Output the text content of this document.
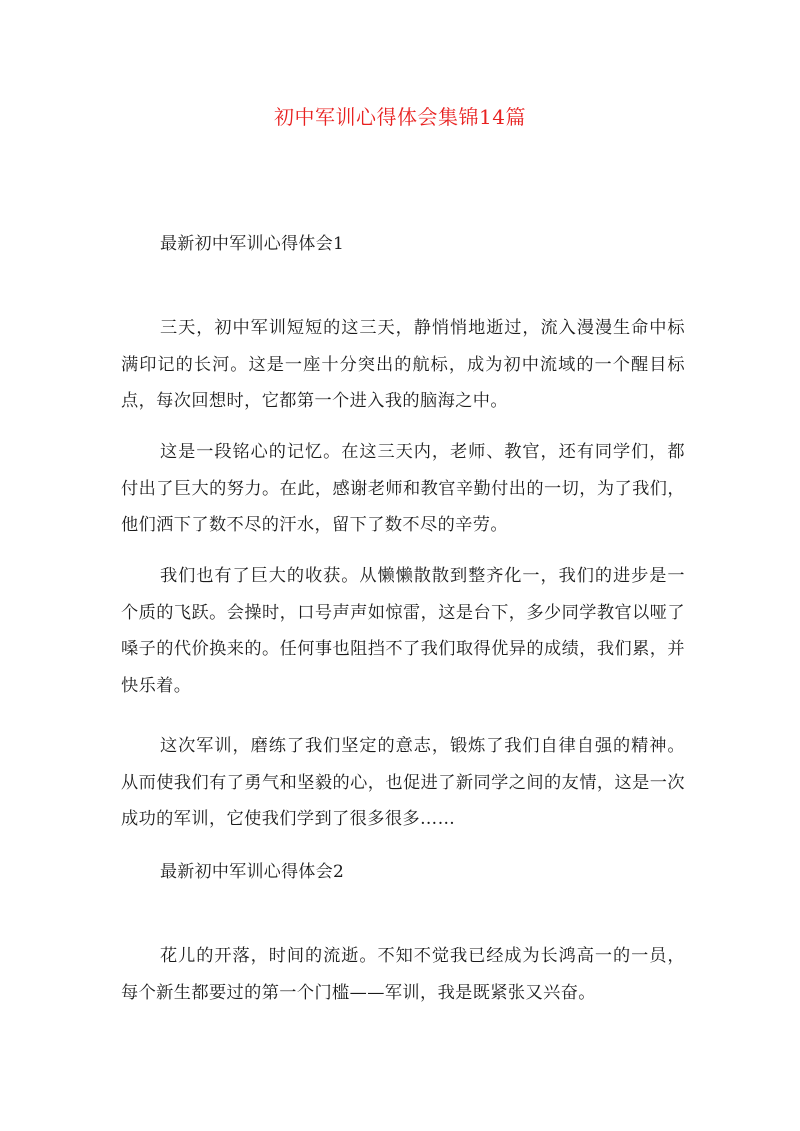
初中军训心得体会集锦14篇
最新初中军训心得体会1
三天，初中军训短短的这三天，静悄悄地逝过，流入漫漫生命中标满印记的长河。这是一座十分突出的航标，成为初中流域的一个醒目标点，每次回想时，它都第一个进入我的脑海之中。
这是一段铭心的记忆。在这三天内，老师、教官，还有同学们，都付出了巨大的努力。在此，感谢老师和教官辛勤付出的一切，为了我们，他们洒下了数不尽的汗水，留下了数不尽的辛劳。
我们也有了巨大的收获。从懒懒散散到整齐化一，我们的进步是一个质的飞跃。会操时，口号声声如惊雷，这是台下，多少同学教官以哑了嗓子的代价换来的。任何事也阻挡不了我们取得优异的成绩，我们累，并快乐着。
这次军训，磨练了我们坚定的意志，锻炼了我们自律自强的精神。从而使我们有了勇气和坚毅的心，也促进了新同学之间的友情，这是一次成功的军训，它使我们学到了很多很多……
最新初中军训心得体会2
花儿的开落，时间的流逝。不知不觉我已经成为长鸿高一的一员，每个新生都要过的第一个门槛——军训，我是既紧张又兴奋。
